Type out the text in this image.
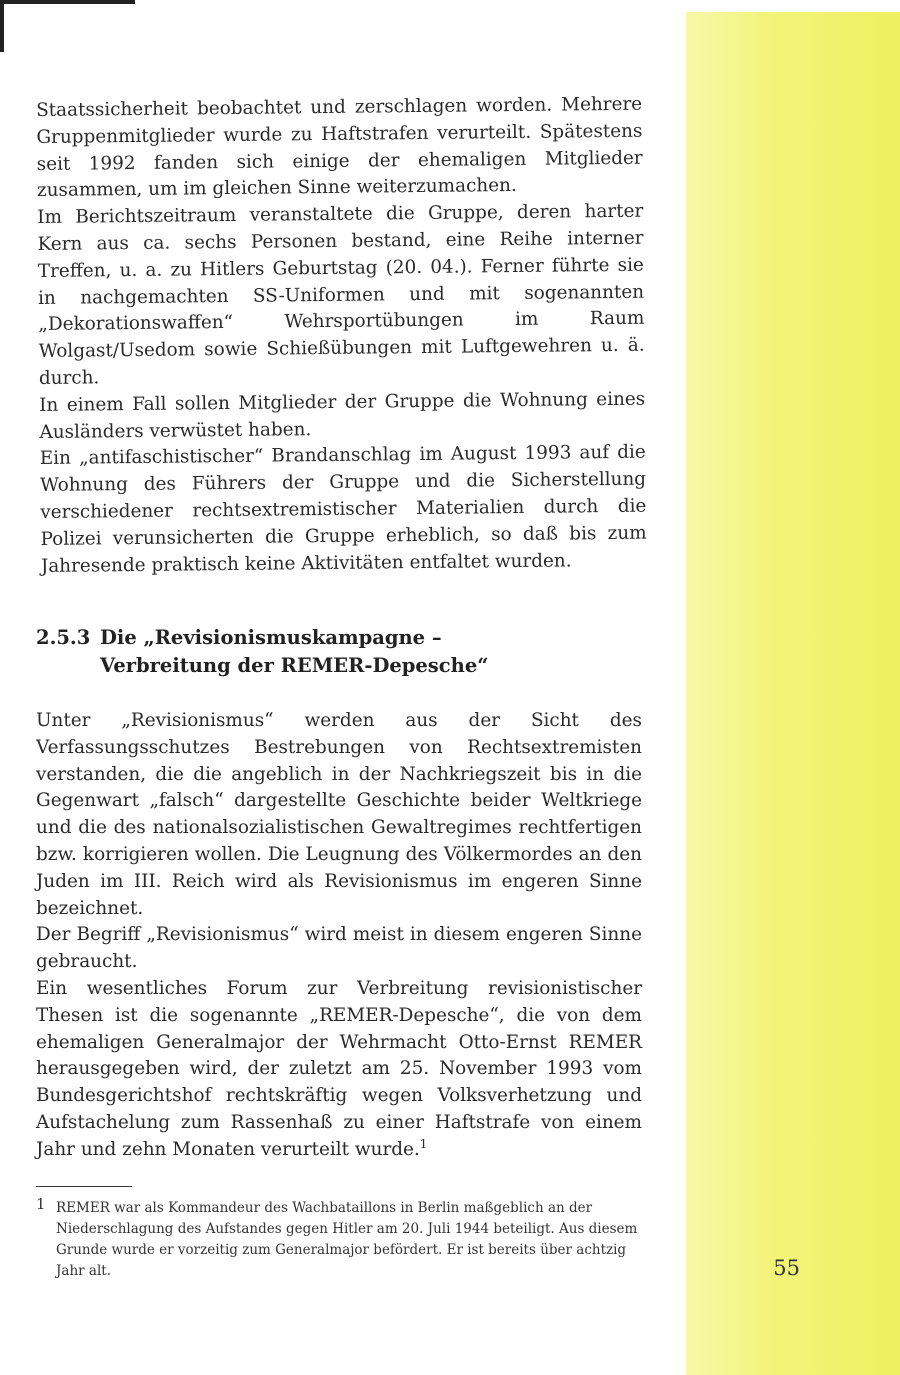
Staatssicherheit beobachtet und zerschlagen worden. Mehrere Gruppenmitglieder wurde zu Haftstrafen verurteilt. Spätestens seit 1992 fanden sich einige der ehemaligen Mitglieder zusammen, um im gleichen Sinne weiterzumachen.

Im Berichtszeitraum veranstaltete die Gruppe, deren harter Kern aus ca. sechs Personen bestand, eine Reihe interner Treffen, u. a. zu Hitlers Geburtstag (20. 04.). Ferner führte sie in nachgemachten SS-Uniformen und mit sogenannten „Dekorationswaffen“ Wehrsportübungen im Raum Wolgast/Usedom sowie Schießübungen mit Luftgewehren u. ä. durch.

In einem Fall sollen Mitglieder der Gruppe die Wohnung eines Ausländers verwüstet haben.

Ein „antifaschistischer“ Brandanschlag im August 1993 auf die Wohnung des Führers der Gruppe und die Sicherstellung verschiedener rechtsextremistischer Materialien durch die Polizei verunsicherten die Gruppe erheblich, so daß bis zum Jahresende praktisch keine Aktivitäten entfaltet wurden.

2.5.3 Die „Revisionismuskampagne –
Verbreitung der REMER-Depesche“

Unter „Revisionismus“ werden aus der Sicht des Verfassungsschutzes Bestrebungen von Rechtsextremisten verstanden, die die angeblich in der Nachkriegszeit bis in die Gegenwart „falsch“ dargestellte Geschichte beider Weltkriege und die des nationalsozialistischen Gewaltregimes rechtfertigen bzw. korrigieren wollen. Die Leugnung des Völkermordes an den Juden im III. Reich wird als Revisionismus im engeren Sinne bezeichnet.

Der Begriff „Revisionismus“ wird meist in diesem engeren Sinne gebraucht.

Ein wesentliches Forum zur Verbreitung revisionistischer Thesen ist die sogenannte „REMER-Depesche“, die von dem ehemaligen Generalmajor der Wehrmacht Otto-Ernst REMER herausgegeben wird, der zuletzt am 25. November 1993 vom Bundesgerichtshof rechtskräftig wegen Volksverhetzung und Aufstachelung zum Rassenhaß zu einer Haftstrafe von einem Jahr und zehn Monaten verurteilt wurde.$^1$

1 REMER war als Kommandeur des Wachbataillons in Berlin maßgeblich an der Niederschlagung des Aufstandes gegen Hitler am 20. Juli 1944 beteiligt. Aus diesem Grunde wurde er vorzeitig zum Generalmajor befördert. Er ist bereits über achtzig Jahr alt.	55
